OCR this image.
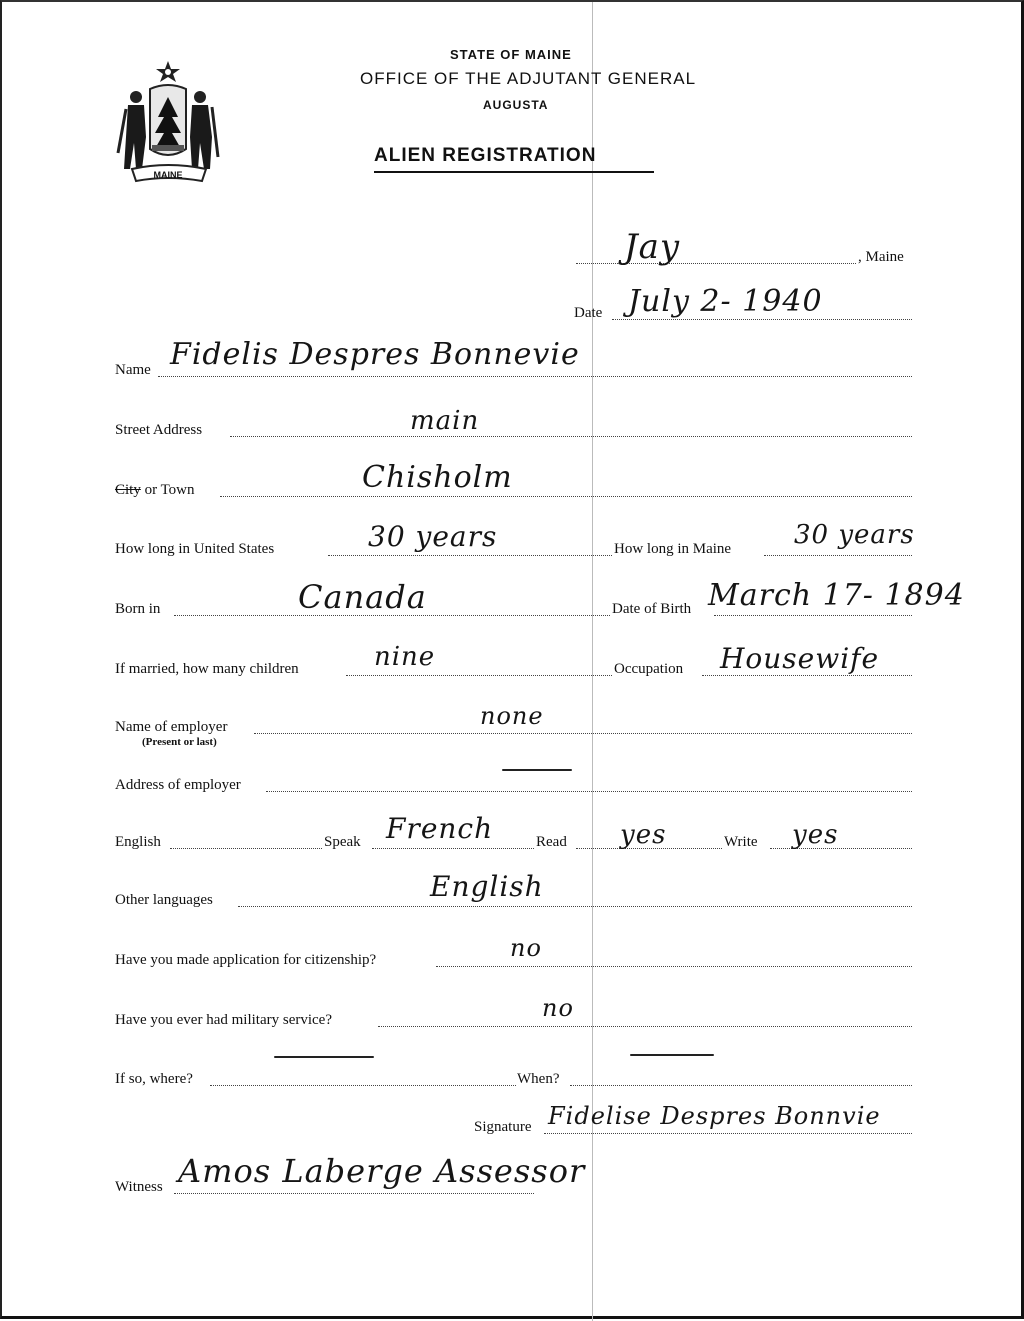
MAINE
STATE OF MAINE
OFFICE OF THE ADJUTANT GENERAL
AUGUSTA
ALIEN REGISTRATION
, Maine
Jay
Date July 2- 1940
Name Fidelis Despres Bonnevie
Street Address	main
City or Town	Chisholm
How long in United States	30 years	How long in Maine 30 years
Born in	Canada	Date of Birth March 17- 1894
If married, how many children	nine	Occupation Housewife
Name of employer
(Present or last)
none
Address of employer
English	Speak French	Read yes	Write yes
Other languages	English
Have you made application for citizenship?	no
Have you ever had military service?	no
If so, where?	When?
Signature Fidelise Despres Bonnvie
Witness Amos Laberge Assessor
